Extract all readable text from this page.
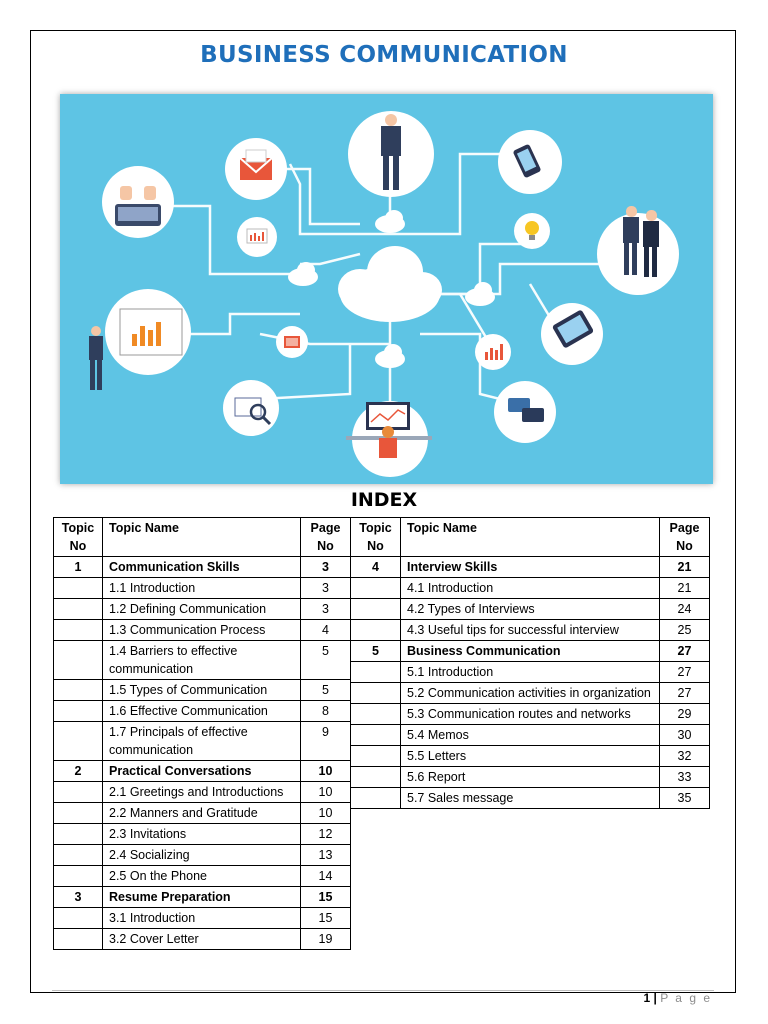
BUSINESS COMMUNICATION
INDEX
Topic
No	Topic Name	Page
No
1	Communication Skills	3
	1.1 Introduction	3
	1.2 Defining Communication	3
	1.3 Communication Process	4
	1.4 Barriers to effective communication	5
	1.5 Types of Communication	5
	1.6 Effective Communication	8
	1.7 Principals of effective communication	9
2	Practical Conversations	10
	2.1 Greetings and Introductions	10
	2.2 Manners and Gratitude	10
	2.3 Invitations	12
	2.4 Socializing	13
	2.5 On the Phone	14
3	Resume Preparation	15
	3.1 Introduction	15
	3.2 Cover Letter	19
Topic
No	Topic Name	Page
No
4	Interview Skills	21
	4.1 Introduction	21
	4.2 Types of Interviews	24
	4.3 Useful tips for successful interview	25
5	Business Communication	27
	5.1 Introduction	27
	5.2 Communication activities in organization	27
	5.3 Communication routes and networks	29
	5.4 Memos	30
	5.5 Letters	32
	5.6 Report	33
	5.7 Sales message	35
1 | P a g e
